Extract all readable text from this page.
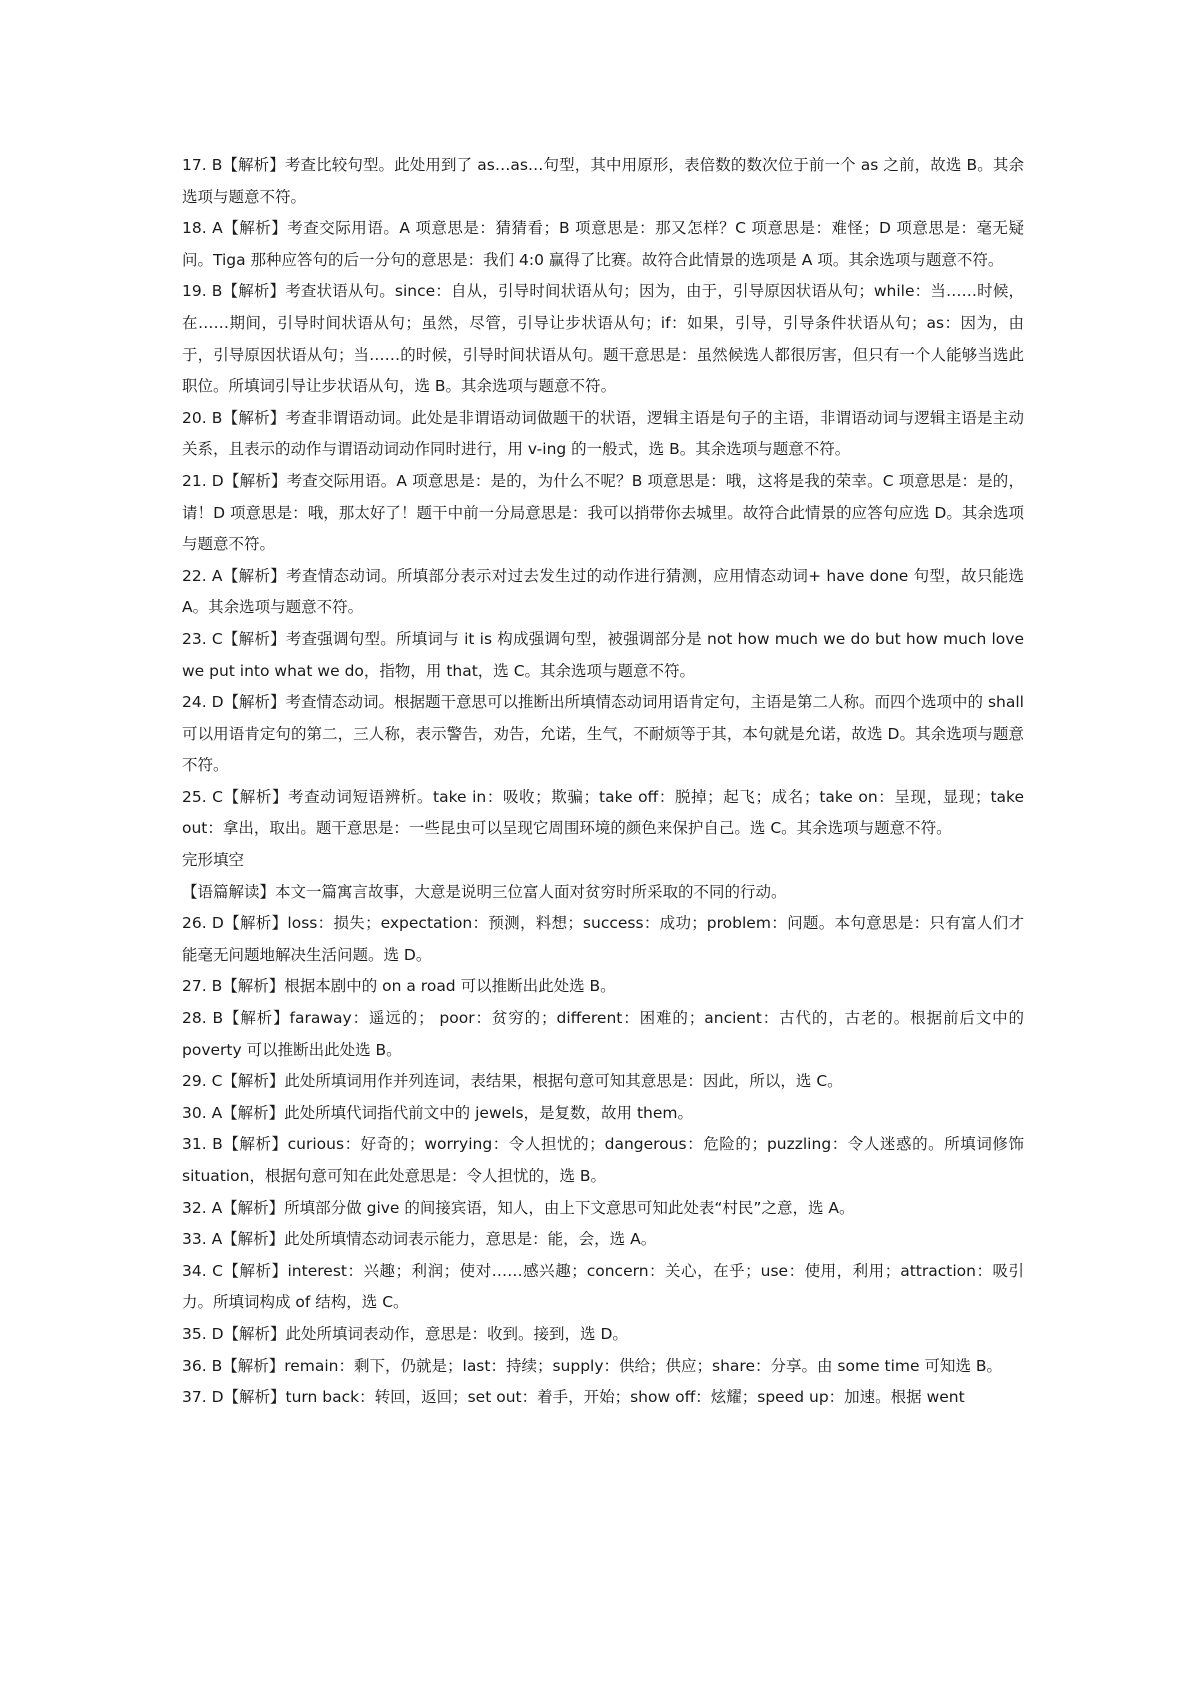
17. B【解析】考查比较句型。此处用到了 as…as…句型，其中用原形，表倍数的数次位于前一个 as 之前，故选 B。其余选项与题意不符。

18. A【解析】考查交际用语。A 项意思是：猜猜看；B 项意思是：那又怎样？C 项意思是：难怪；D 项意思是：毫无疑问。Tiga 那种应答句的后一分句的意思是：我们 4:0 赢得了比赛。故符合此情景的选项是 A 项。其余选项与题意不符。

19. B【解析】考查状语从句。since：自从，引导时间状语从句；因为，由于，引导原因状语从句；while：当……时候，在……期间，引导时间状语从句；虽然，尽管，引导让步状语从句；if：如果，引导，引导条件状语从句；as：因为，由于，引导原因状语从句；当……的时候，引导时间状语从句。题干意思是：虽然候选人都很厉害，但只有一个人能够当选此职位。所填词引导让步状语从句，选 B。其余选项与题意不符。

20. B【解析】考查非谓语动词。此处是非谓语动词做题干的状语，逻辑主语是句子的主语，非谓语动词与逻辑主语是主动关系，且表示的动作与谓语动词动作同时进行，用 v-ing 的一般式，选 B。其余选项与题意不符。

21. D【解析】考查交际用语。A 项意思是：是的，为什么不呢？B 项意思是：哦，这将是我的荣幸。C 项意思是：是的，请！D 项意思是：哦，那太好了！题干中前一分局意思是：我可以捎带你去城里。故符合此情景的应答句应选 D。其余选项与题意不符。

22. A【解析】考查情态动词。所填部分表示对过去发生过的动作进行猜测，应用情态动词+ have done 句型，故只能选 A。其余选项与题意不符。

23. C【解析】考查强调句型。所填词与 it is 构成强调句型，被强调部分是 not how much we do but how much love we put into what we do，指物，用 that，选 C。其余选项与题意不符。

24. D【解析】考查情态动词。根据题干意思可以推断出所填情态动词用语肯定句，主语是第二人称。而四个选项中的 shall 可以用语肯定句的第二，三人称，表示警告，劝告，允诺，生气，不耐烦等于其，本句就是允诺，故选 D。其余选项与题意不符。

25. C【解析】考查动词短语辨析。take in：吸收；欺骗；take off：脱掉；起飞；成名；take on：呈现，显现；take out：拿出，取出。题干意思是：一些昆虫可以呈现它周围环境的颜色来保护自己。选 C。其余选项与题意不符。

完形填空

【语篇解读】本文一篇寓言故事，大意是说明三位富人面对贫穷时所采取的不同的行动。

26. D【解析】loss：损失；expectation：预测，料想；success：成功；problem：问题。本句意思是：只有富人们才能毫无问题地解决生活问题。选 D。

27. B【解析】根据本剧中的 on a road 可以推断出此处选 B。

28. B【解析】faraway：遥远的； poor：贫穷的；different：困难的；ancient：古代的，古老的。根据前后文中的 poverty 可以推断出此处选 B。

29. C【解析】此处所填词用作并列连词，表结果，根据句意可知其意思是：因此，所以，选 C。

30. A【解析】此处所填代词指代前文中的 jewels，是复数，故用 them。

31. B【解析】curious：好奇的；worrying：令人担忧的；dangerous：危险的；puzzling：令人迷惑的。所填词修饰 situation，根据句意可知在此处意思是：令人担忧的，选 B。

32. A【解析】所填部分做 give 的间接宾语，知人，由上下文意思可知此处表“村民”之意，选 A。

33. A【解析】此处所填情态动词表示能力，意思是：能，会，选 A。

34. C【解析】interest：兴趣；利润；使对……感兴趣；concern：关心，在乎；use：使用，利用；attraction：吸引力。所填词构成 of 结构，选 C。

35. D【解析】此处所填词表动作，意思是：收到。接到，选 D。

36. B【解析】remain：剩下，仍就是；last：持续；supply：供给；供应；share：分享。由 some time 可知选 B。

37. D【解析】turn back：转回，返回；set out：着手，开始；show off：炫耀；speed up：加速。根据 went
